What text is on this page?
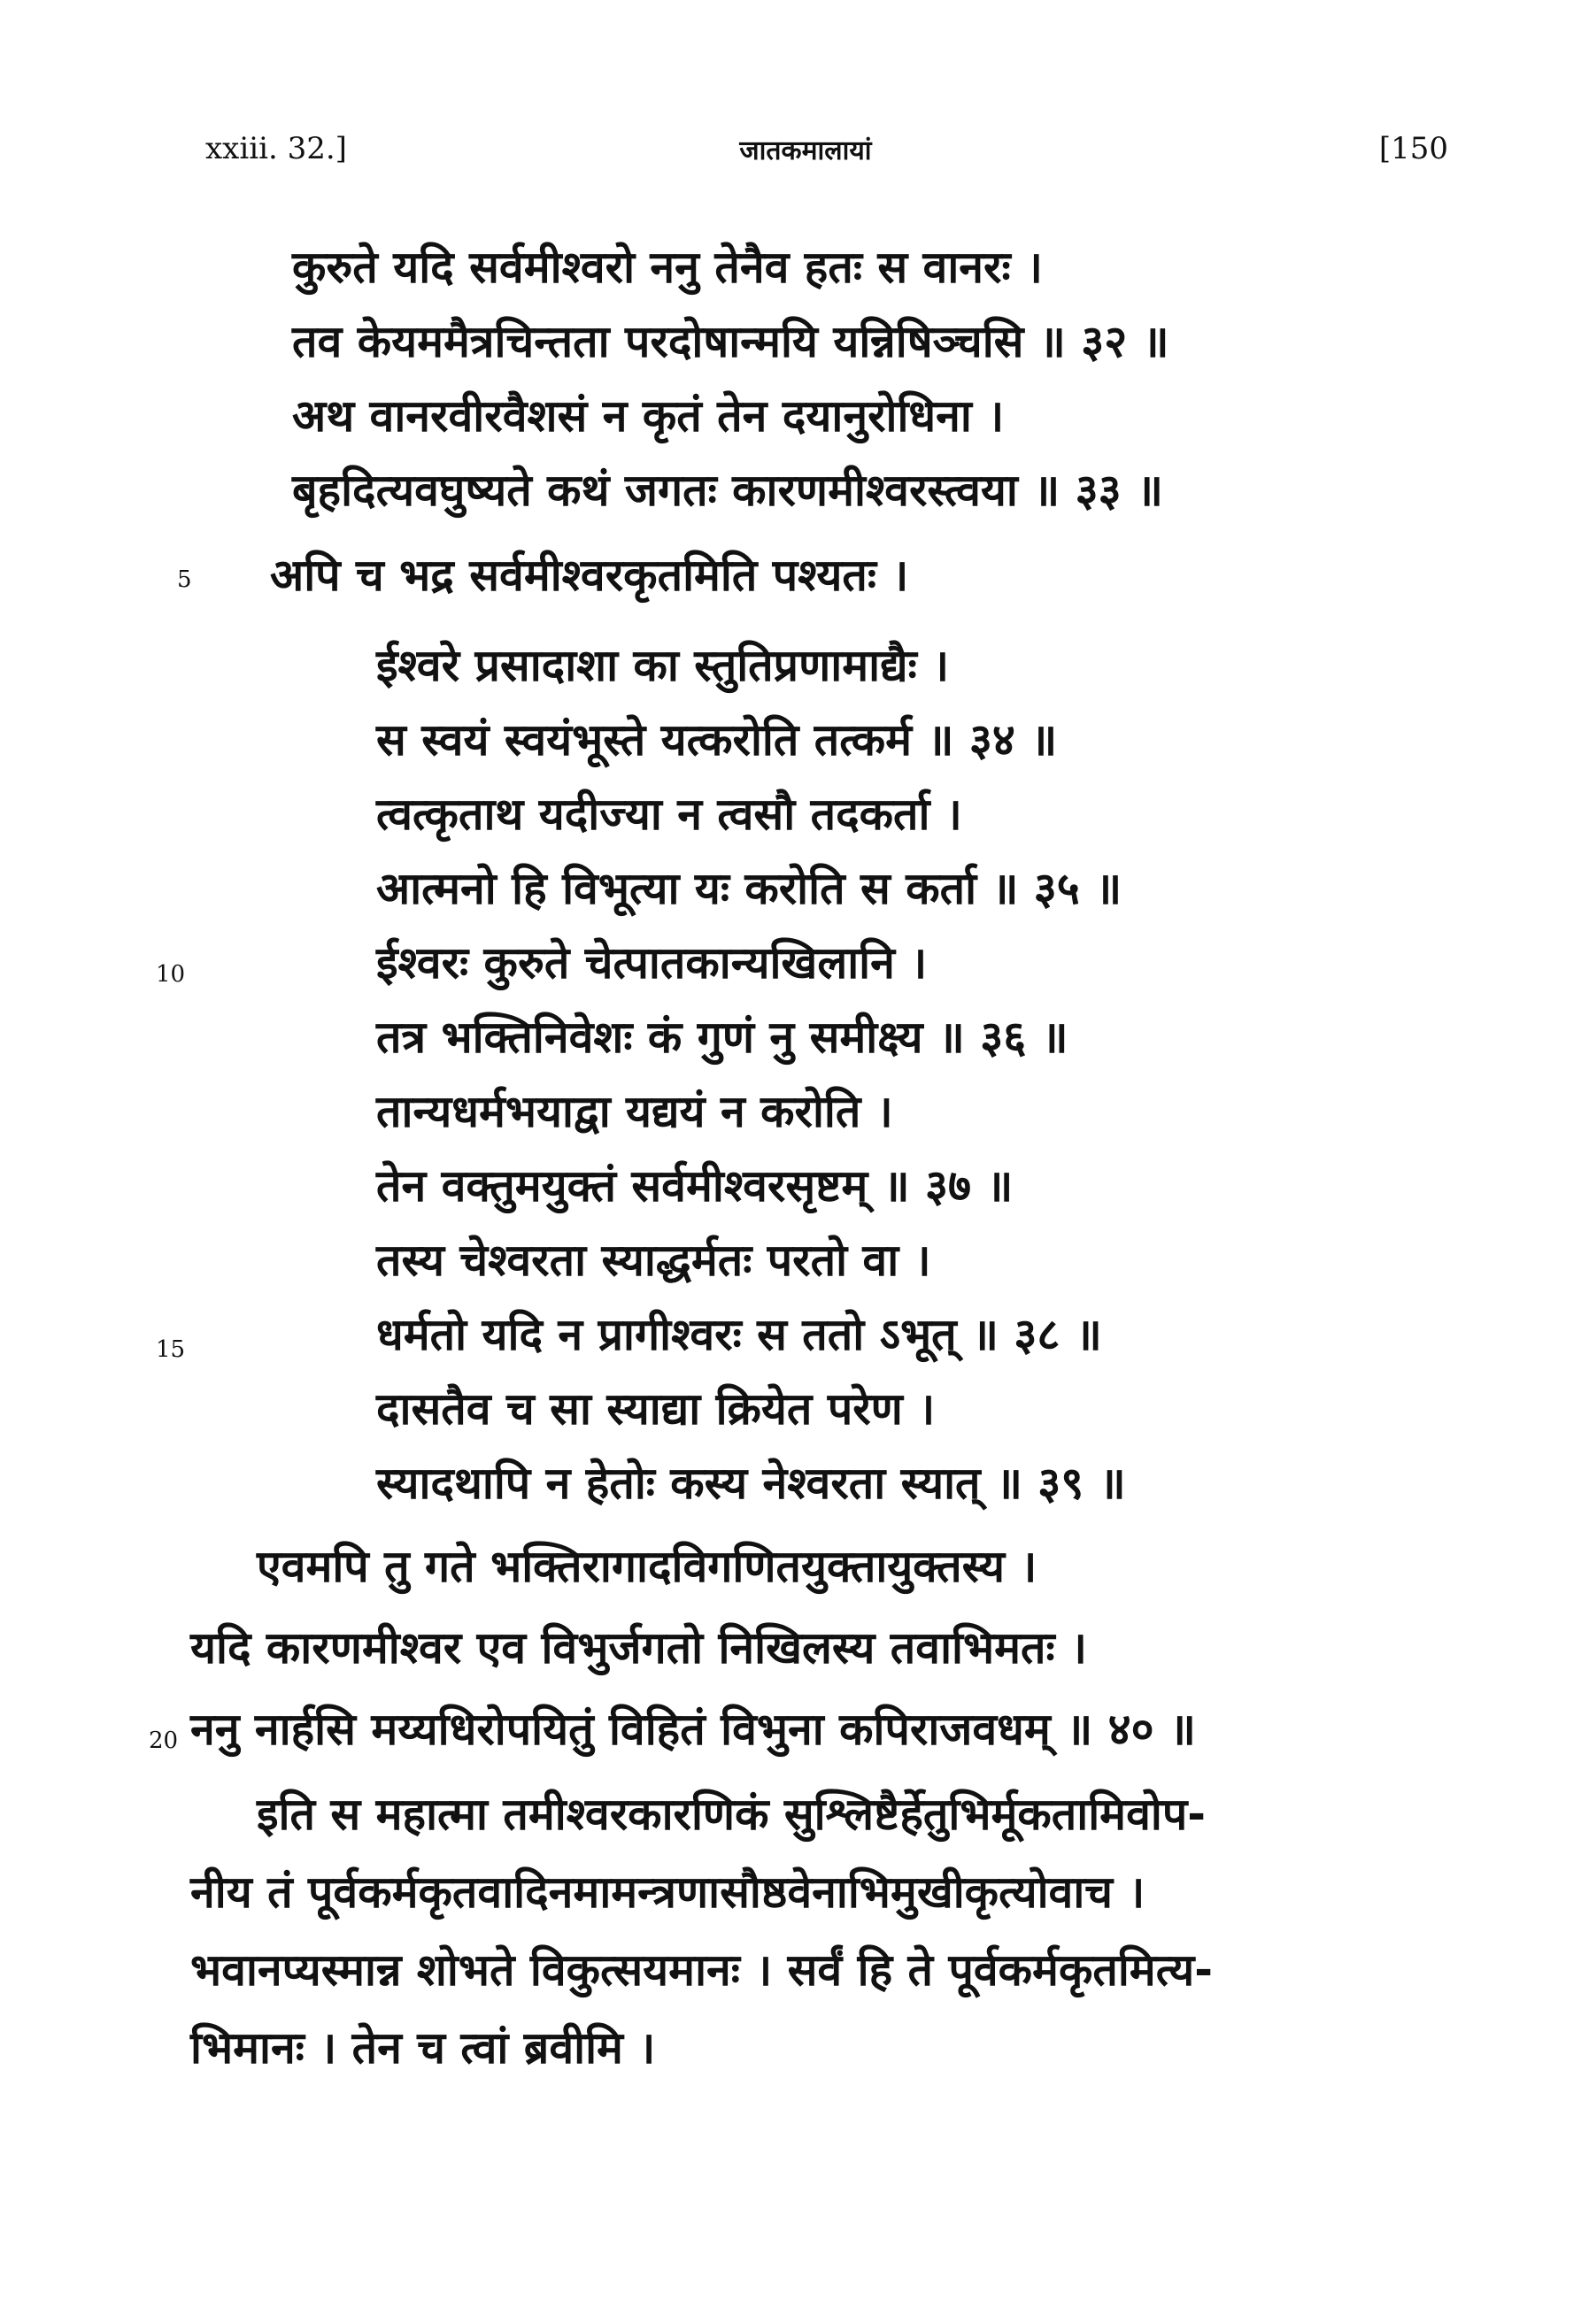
xxiii. 32.]	जातकमालायां	[150
5
10
15
20
कुरुते यदि सर्वमीश्वरो ननु तेनैव हतः स वानरः ।
तव केयममैत्रचिन्तता परदोषान्मयि यन्निषिञ्चसि ॥ ३२ ॥
अथ वानरवीरवैशसं न कृतं तेन दयानुरोधिना ।
बृहदित्यवघुष्यते कथं जगतः कारणमीश्वरस्त्वया ॥ ३३ ॥
अपि च भद्र सर्वमीश्वरकृतमिति पश्यतः ।
ईश्वरे प्रसादाशा का स्तुतिप्रणामाद्यैः ।
स स्वयं स्वयंभूस्ते यत्करोति तत्कर्म ॥ ३४ ॥
त्वत्कृताथ यदीज्या न त्वसौ तदकर्ता ।
आत्मनो हि विभूत्या यः करोति स कर्ता ॥ ३५ ॥
ईश्वरः कुरुते चेत्पातकान्यखिलानि ।
तत्र भक्तिनिवेशः कं गुणं नु समीक्ष्य ॥ ३६ ॥
तान्यधर्मभयाद्वा यद्ययं न करोति ।
तेन वक्तुमयुक्तं सर्वमीश्वरसृष्टम् ॥ ३७ ॥
तस्य चेश्वरता स्याद्धर्मतः परतो वा ।
धर्मतो यदि न प्रागीश्वरः स ततो ऽभूत् ॥ ३८ ॥
दासतैव च सा स्याद्या क्रियेत परेण ।
स्यादथापि न हेतोः कस्य नेश्वरता स्यात् ॥ ३९ ॥
एवमपि तु गते भक्तिरागादविगणितयुक्तायुक्तस्य ।
यदि कारणमीश्वर एव विभुर्जगतो निखिलस्य तवाभिमतः ।
ननु नार्हसि मय्यधिरोपयितुं विहितं विभुना कपिराजवधम् ॥ ४० ॥
इति स महात्मा तमीश्वरकारणिकं सुश्लिष्टैर्हेतुभिर्मूकतामिवोप-
नीय तं पूर्वकर्मकृतवादिनमामन्त्रणासौष्ठवेनाभिमुखीकृत्योवाच ।
भवानप्यस्मान्न शोभते विकुत्सयमानः । सर्वं हि ते पूर्वकर्मकृतमित्य-
भिमानः । तेन च त्वां ब्रवीमि ।
